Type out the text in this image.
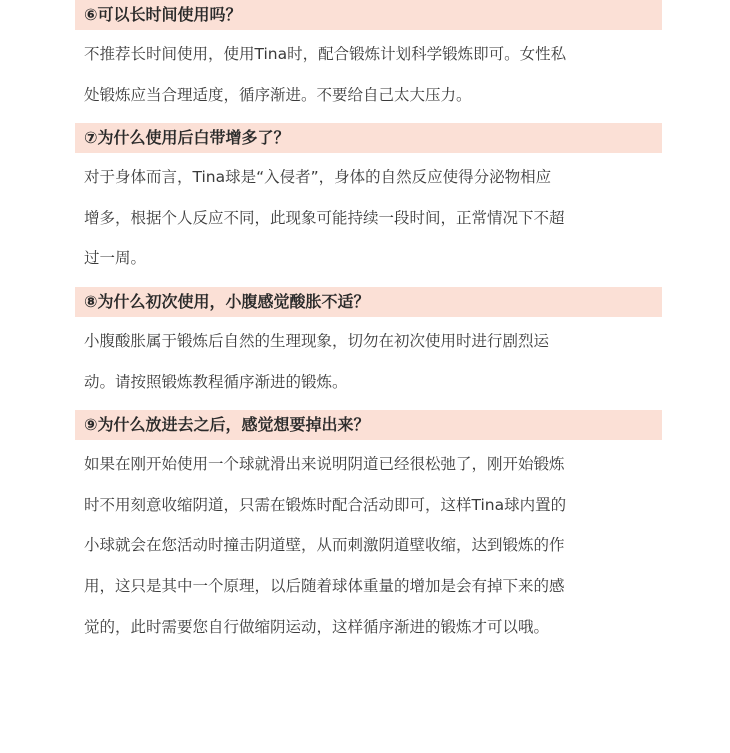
⑥可以长时间使用吗？
不推荐长时间使用，使用Tina时，配合锻炼计划科学锻炼即可。女性私
处锻炼应当合理适度，循序渐进。不要给自己太大压力。
⑦为什么使用后白带增多了？
对于身体而言，Tina球是“入侵者”，身体的自然反应使得分泌物相应
增多，根据个人反应不同，此现象可能持续一段时间，正常情况下不超
过一周。
⑧为什么初次使用，小腹感觉酸胀不适？
小腹酸胀属于锻炼后自然的生理现象，切勿在初次使用时进行剧烈运
动。请按照锻炼教程循序渐进的锻炼。
⑨为什么放进去之后，感觉想要掉出来？
如果在刚开始使用一个球就滑出来说明阴道已经很松弛了，刚开始锻炼
时不用刻意收缩阴道，只需在锻炼时配合活动即可，这样Tina球内置的
小球就会在您活动时撞击阴道壁，从而刺激阴道壁收缩，达到锻炼的作
用，这只是其中一个原理，以后随着球体重量的增加是会有掉下来的感
觉的，此时需要您自行做缩阴运动，这样循序渐进的锻炼才可以哦。
